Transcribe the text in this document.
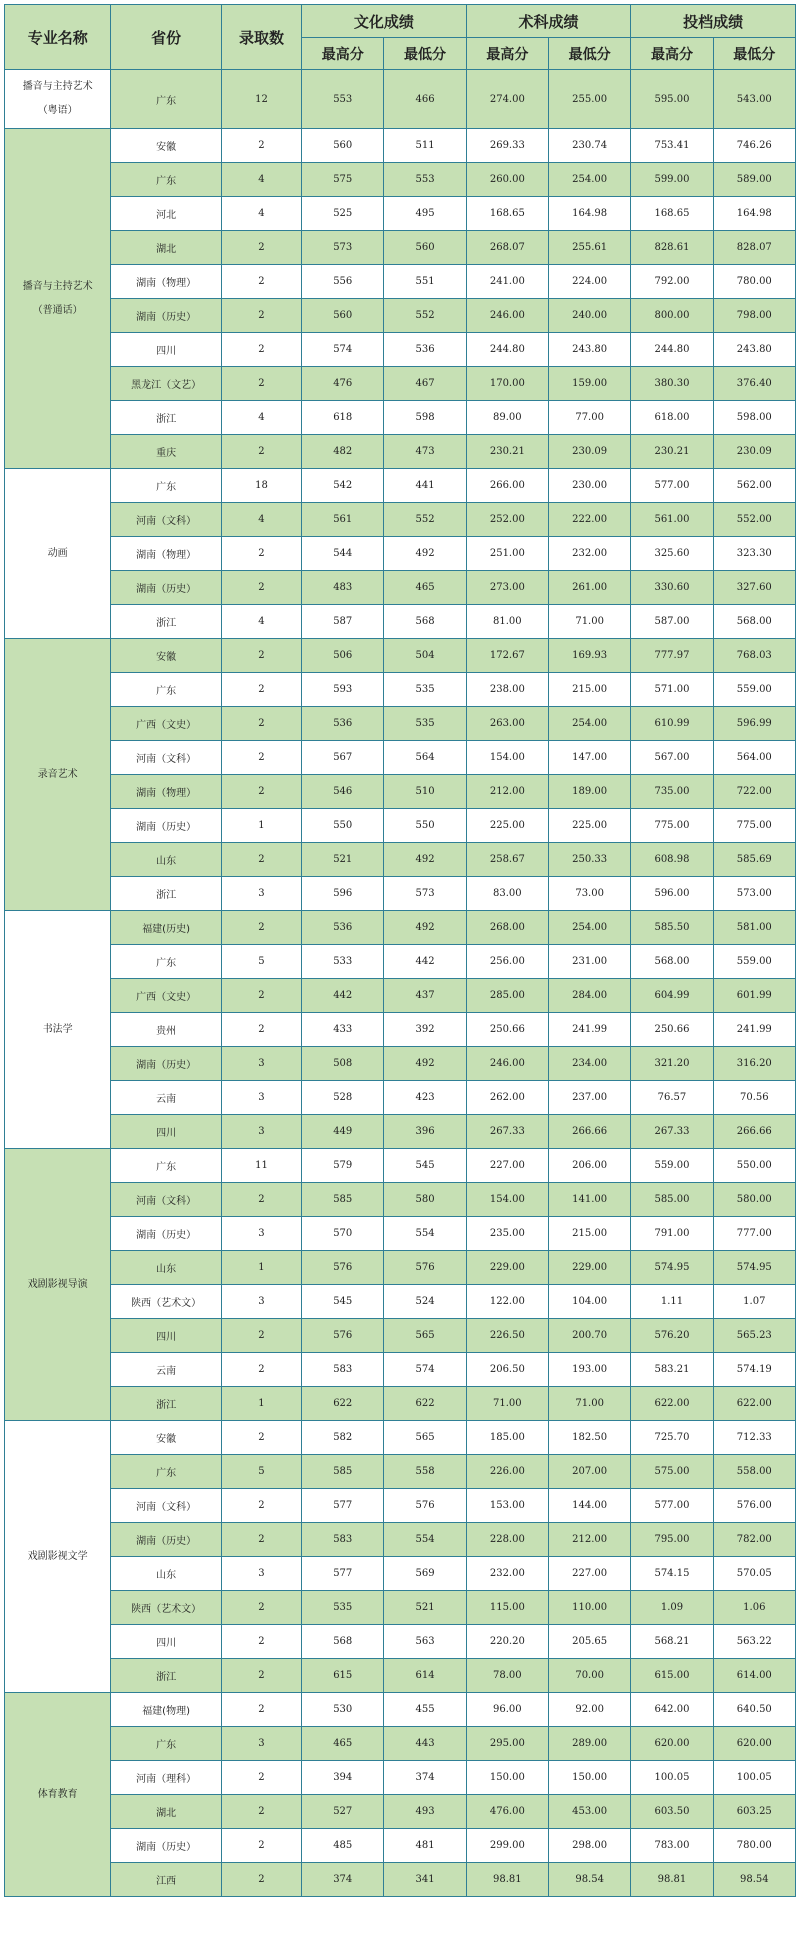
专业名称	省份	录取数	文化成绩		术科成绩		投档成绩	
			最高分	最低分	最高分	最低分	最高分	最低分

播音与主持艺术
（粤语）	广东	12	553	466	274.00	255.00	595.00	543.00

播音与主持艺术
（普通话）	安徽	2	560	511	269.33	230.74	753.41	746.26
	广东	4	575	553	260.00	254.00	599.00	589.00
	河北	4	525	495	168.65	164.98	168.65	164.98
	湖北	2	573	560	268.07	255.61	828.61	828.07
	湖南（物理）	2	556	551	241.00	224.00	792.00	780.00
	湖南（历史）	2	560	552	246.00	240.00	800.00	798.00
	四川	2	574	536	244.80	243.80	244.80	243.80
	黑龙江（文艺）	2	476	467	170.00	159.00	380.30	376.40
	浙江	4	618	598	89.00	77.00	618.00	598.00
	重庆	2	482	473	230.21	230.09	230.21	230.09

动画	广东	18	542	441	266.00	230.00	577.00	562.00
	河南（文科）	4	561	552	252.00	222.00	561.00	552.00
	湖南（物理）	2	544	492	251.00	232.00	325.60	323.30
	湖南（历史）	2	483	465	273.00	261.00	330.60	327.60
	浙江	4	587	568	81.00	71.00	587.00	568.00

录音艺术	安徽	2	506	504	172.67	169.93	777.97	768.03
	广东	2	593	535	238.00	215.00	571.00	559.00
	广西（文史）	2	536	535	263.00	254.00	610.99	596.99
	河南（文科）	2	567	564	154.00	147.00	567.00	564.00
	湖南（物理）	2	546	510	212.00	189.00	735.00	722.00
	湖南（历史）	1	550	550	225.00	225.00	775.00	775.00
	山东	2	521	492	258.67	250.33	608.98	585.69
	浙江	3	596	573	83.00	73.00	596.00	573.00

书法学	福建(历史)	2	536	492	268.00	254.00	585.50	581.00
	广东	5	533	442	256.00	231.00	568.00	559.00
	广西（文史）	2	442	437	285.00	284.00	604.99	601.99
	贵州	2	433	392	250.66	241.99	250.66	241.99
	湖南（历史）	3	508	492	246.00	234.00	321.20	316.20
	云南	3	528	423	262.00	237.00	76.57	70.56
	四川	3	449	396	267.33	266.66	267.33	266.66

戏剧影视导演	广东	11	579	545	227.00	206.00	559.00	550.00
	河南（文科）	2	585	580	154.00	141.00	585.00	580.00
	湖南（历史）	3	570	554	235.00	215.00	791.00	777.00
	山东	1	576	576	229.00	229.00	574.95	574.95
	陕西（艺术文）	3	545	524	122.00	104.00	1.11	1.07
	四川	2	576	565	226.50	200.70	576.20	565.23
	云南	2	583	574	206.50	193.00	583.21	574.19
	浙江	1	622	622	71.00	71.00	622.00	622.00

戏剧影视文学	安徽	2	582	565	185.00	182.50	725.70	712.33
	广东	5	585	558	226.00	207.00	575.00	558.00
	河南（文科）	2	577	576	153.00	144.00	577.00	576.00
	湖南（历史）	2	583	554	228.00	212.00	795.00	782.00
	山东	3	577	569	232.00	227.00	574.15	570.05
	陕西（艺术文）	2	535	521	115.00	110.00	1.09	1.06
	四川	2	568	563	220.20	205.65	568.21	563.22
	浙江	2	615	614	78.00	70.00	615.00	614.00

体育教育	福建(物理)	2	530	455	96.00	92.00	642.00	640.50
	广东	3	465	443	295.00	289.00	620.00	620.00
	河南（理科）	2	394	374	150.00	150.00	100.05	100.05
	湖北	2	527	493	476.00	453.00	603.50	603.25
	湖南（历史）	2	485	481	299.00	298.00	783.00	780.00
	江西	2	374	341	98.81	98.54	98.81	98.54
